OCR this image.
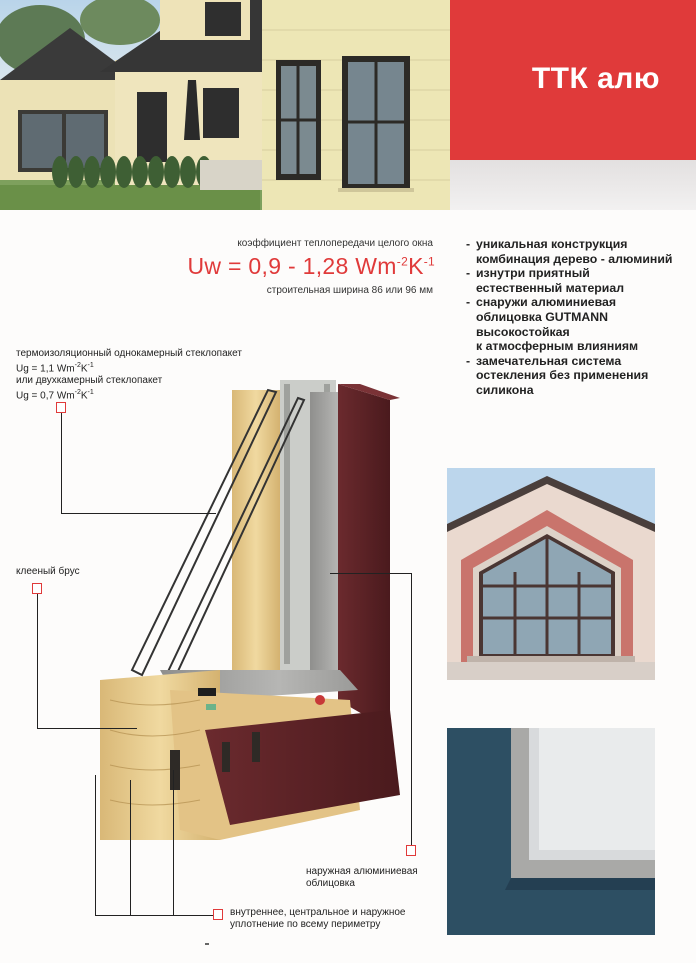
ТТК алю
коэффициент теплопередачи целого окна
Uw = 0,9 - 1,28 $Wm^{-2}K^{-1}$
строительная ширина 86 или 96 мм
- уникальная конструкция
комбинация дерево - алюминий
- изнутри приятный
естественный материал
- снаружи алюминиевая
облицовка GUTMANN
высокостойкая
к атмосферным влияниям
- замечательная система
остекления без применения
силикона
термоизоляционный однокамерный стеклопакет
Ug = 1,1 $Wm^{-2}K^{-1}$
или двухкамерный стеклопакет
Ug = 0,7 $Wm^{-2}K^{-1}$
клееный брус
наружная алюминиевая
облицовка
внутреннее, центральное и наружное
уплотнение по всему периметру
